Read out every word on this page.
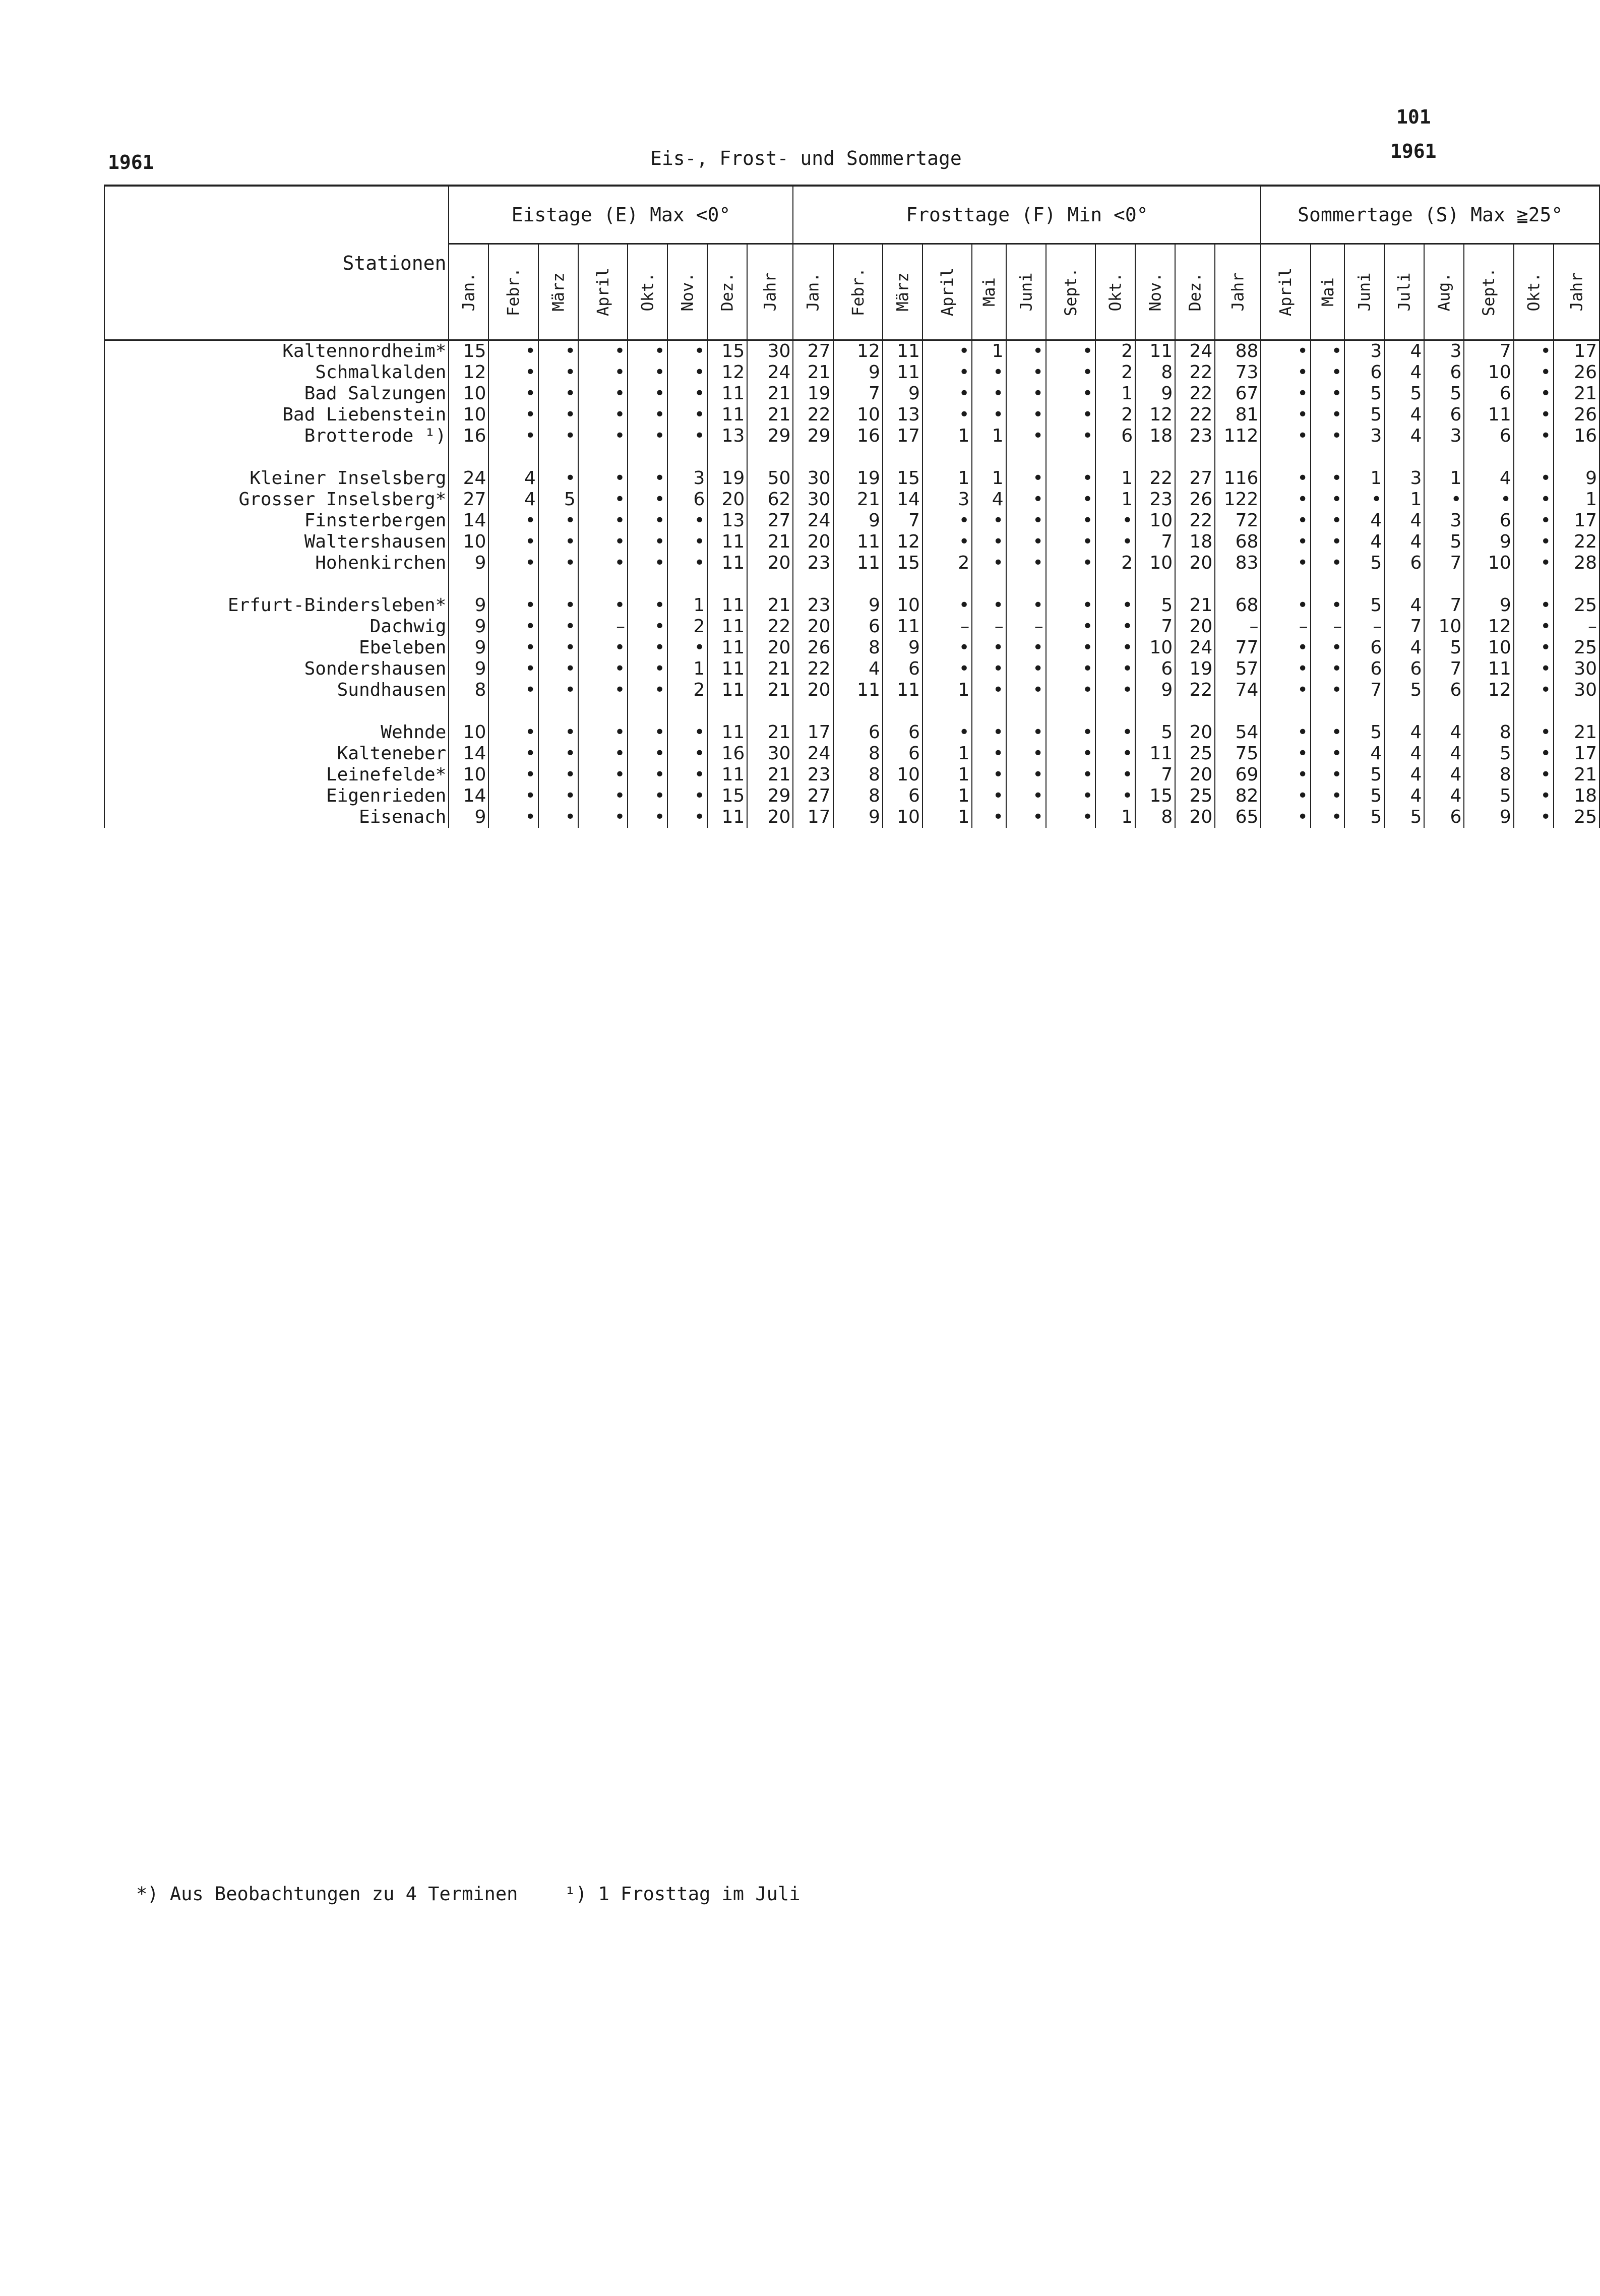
101
1961
1961	Eis-, Frost- und Sommertage
Stationen	Eistage (E) Max <0°								Frosttage (F) Min <0°											Sommertage (S) Max ≧25°							
	Jan.	Febr.	März	April	Okt.	Nov.	Dez.	Jahr	Jan.	Febr.	März	April	Mai	Juni	Sept.	Okt.	Nov.	Dez.	Jahr	April	Mai	Juni	Juli	Aug.	Sept.	Okt.	Jahr
Kaltennordheim*	15	•	•	•	•	•	15	30	27	12	11	•	1	•	•	2	11	24	88	•	•	3	4	3	7	•	17
Schmalkalden	12	•	•	•	•	•	12	24	21	9	11	•	•	•	•	2	8	22	73	•	•	6	4	6	10	•	26
Bad Salzungen	10	•	•	•	•	•	11	21	19	7	9	•	•	•	•	1	9	22	67	•	•	5	5	5	6	•	21
Bad Liebenstein	10	•	•	•	•	•	11	21	22	10	13	•	•	•	•	2	12	22	81	•	•	5	4	6	11	•	26
Brotterode ¹)	16	•	•	•	•	•	13	29	29	16	17	1	1	•	•	6	18	23	112	•	•	3	4	3	6	•	16

Kleiner Inselsberg	24	4	•	•	•	3	19	50	30	19	15	1	1	•	•	1	22	27	116	•	•	1	3	1	4	•	9
Grosser Inselsberg*	27	4	5	•	•	6	20	62	30	21	14	3	4	•	•	1	23	26	122	•	•	•	1	•	•	•	1
Finsterbergen	14	•	•	•	•	•	13	27	24	9	7	•	•	•	•	•	10	22	72	•	•	4	4	3	6	•	17
Waltershausen	10	•	•	•	•	•	11	21	20	11	12	•	•	•	•	•	7	18	68	•	•	4	4	5	9	•	22
Hohenkirchen	9	•	•	•	•	•	11	20	23	11	15	2	•	•	•	2	10	20	83	•	•	5	6	7	10	•	28

Erfurt-Bindersleben*	9	•	•	•	•	1	11	21	23	9	10	•	•	•	•	•	5	21	68	•	•	5	4	7	9	•	25
Dachwig	9	•	•	–	•	2	11	22	20	6	11	–	–	–	•	•	7	20	–	–	–	–	7	10	12	•	–
Ebeleben	9	•	•	•	•	•	11	20	26	8	9	•	•	•	•	•	10	24	77	•	•	6	4	5	10	•	25
Sondershausen	9	•	•	•	•	1	11	21	22	4	6	•	•	•	•	•	6	19	57	•	•	6	6	7	11	•	30
Sundhausen	8	•	•	•	•	2	11	21	20	11	11	1	•	•	•	•	9	22	74	•	•	7	5	6	12	•	30

Wehnde	10	•	•	•	•	•	11	21	17	6	6	•	•	•	•	•	5	20	54	•	•	5	4	4	8	•	21
Kalteneber	14	•	•	•	•	•	16	30	24	8	6	1	•	•	•	•	11	25	75	•	•	4	4	4	5	•	17
Leinefelde*	10	•	•	•	•	•	11	21	23	8	10	1	•	•	•	•	7	20	69	•	•	5	4	4	8	•	21
Eigenrieden	14	•	•	•	•	•	15	29	27	8	6	1	•	•	•	•	15	25	82	•	•	5	4	4	5	•	18
Eisenach	9	•	•	•	•	•	11	20	17	9	10	1	•	•	•	1	8	20	65	•	•	5	5	6	9	•	25
*) Aus Beobachtungen zu 4 Terminen ¹) 1 Frosttag im Juli
